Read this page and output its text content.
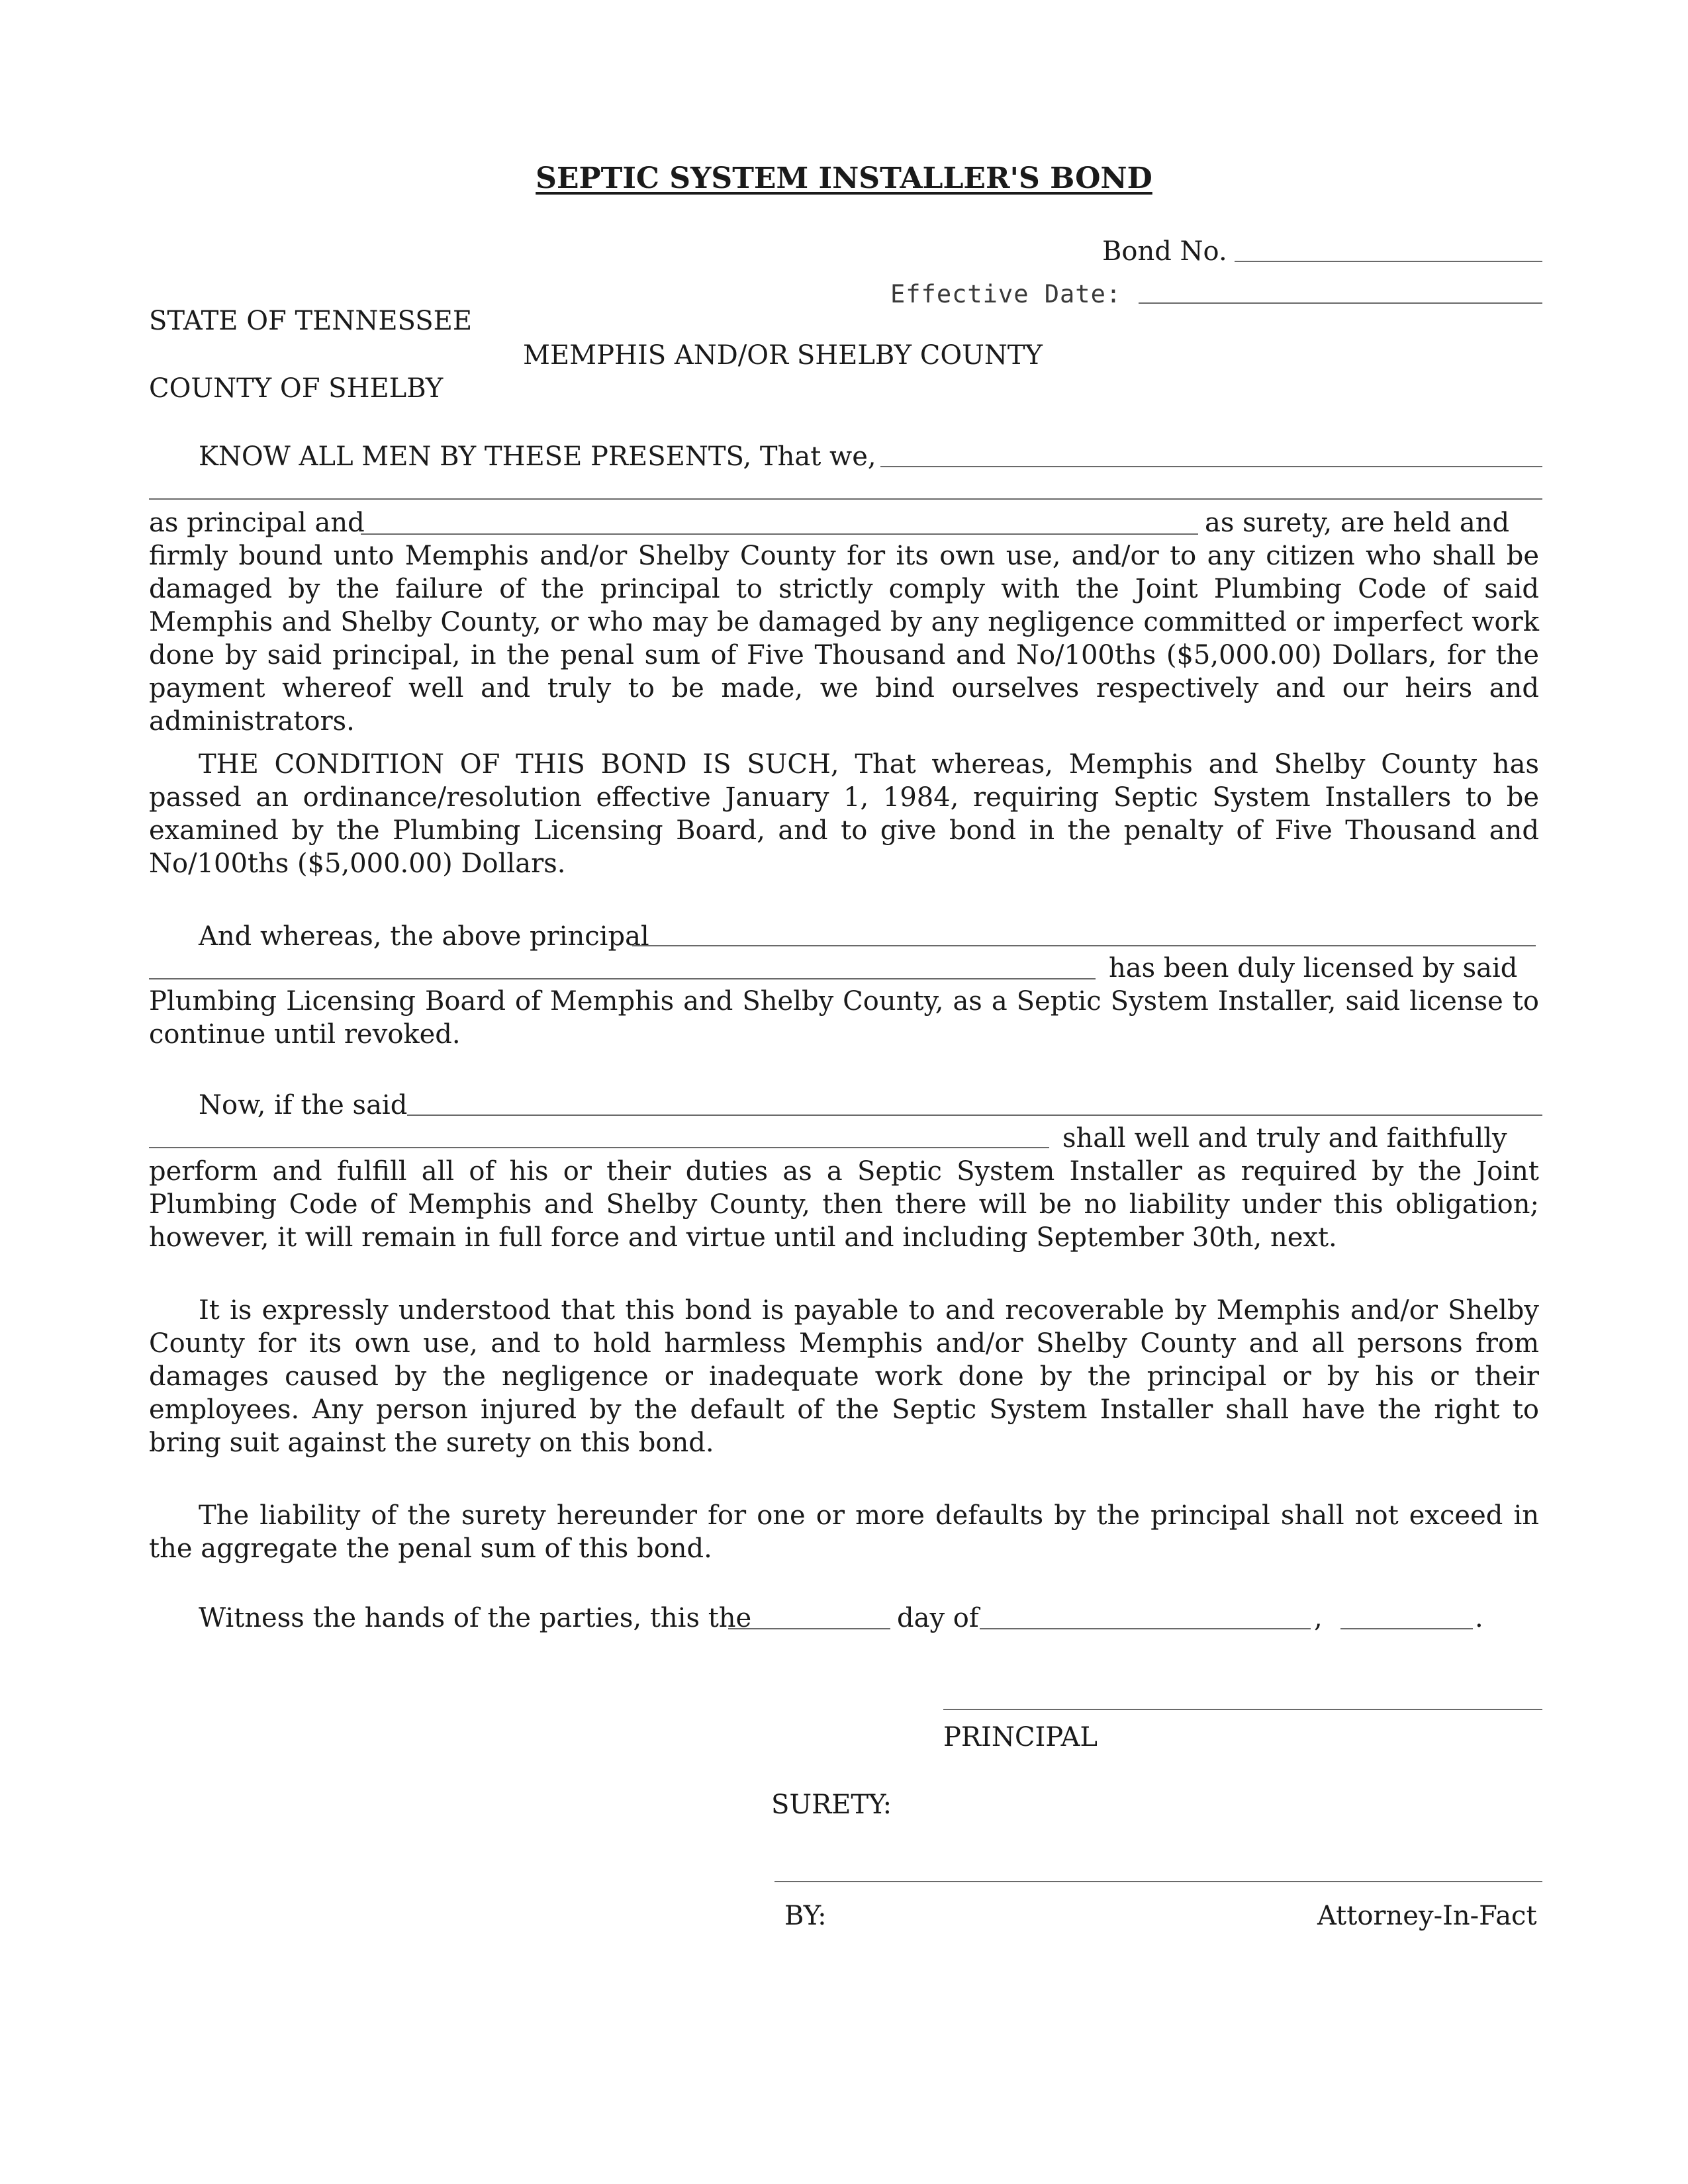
SEPTIC SYSTEM INSTALLER'S BOND
Bond No.
Effective Date:
STATE OF TENNESSEE
MEMPHIS AND/OR SHELBY COUNTY
COUNTY OF SHELBY
KNOW ALL MEN BY THESE PRESENTS, That we,
as principal and	as surety, are held and
firmly bound unto Memphis and/or Shelby County for its own use, and/or to any citizen who shall be damaged by the failure of the principal to strictly comply with the Joint Plumbing Code of said Memphis and Shelby County, or who may be damaged by any negligence committed or imperfect work done by said principal, in the penal sum of Five Thousand and No/100ths ($5,000.00) Dollars, for the payment whereof well and truly to be made, we bind ourselves respectively and our heirs and administrators.
THE CONDITION OF THIS BOND IS SUCH, That whereas, Memphis and Shelby County has passed an ordinance/resolution effective January 1, 1984, requiring Septic System Installers to be examined by the Plumbing Licensing Board, and to give bond in the penalty of Five Thousand and No/100ths ($5,000.00) Dollars.
And whereas, the above principal
has been duly licensed by said
Plumbing Licensing Board of Memphis and Shelby County, as a Septic System Installer, said license to continue until revoked.
Now, if the said
shall well and truly and faithfully
perform and fulfill all of his or their duties as a Septic System Installer as required by the Joint Plumbing Code of Memphis and Shelby County, then there will be no liability under this obligation; however, it will remain in full force and virtue until and including September 30th, next.
It is expressly understood that this bond is payable to and recoverable by Memphis and/or Shelby County for its own use, and to hold harmless Memphis and/or Shelby County and all persons from damages caused by the negligence or inadequate work done by the principal or by his or their employees. Any person injured by the default of the Septic System Installer shall have the right to bring suit against the surety on this bond.
The liability of the surety hereunder for one or more defaults by the principal shall not exceed in the aggregate the penal sum of this bond.
Witness the hands of the parties, this the	day of	,	.
PRINCIPAL
SURETY:
BY:	Attorney-In-Fact
